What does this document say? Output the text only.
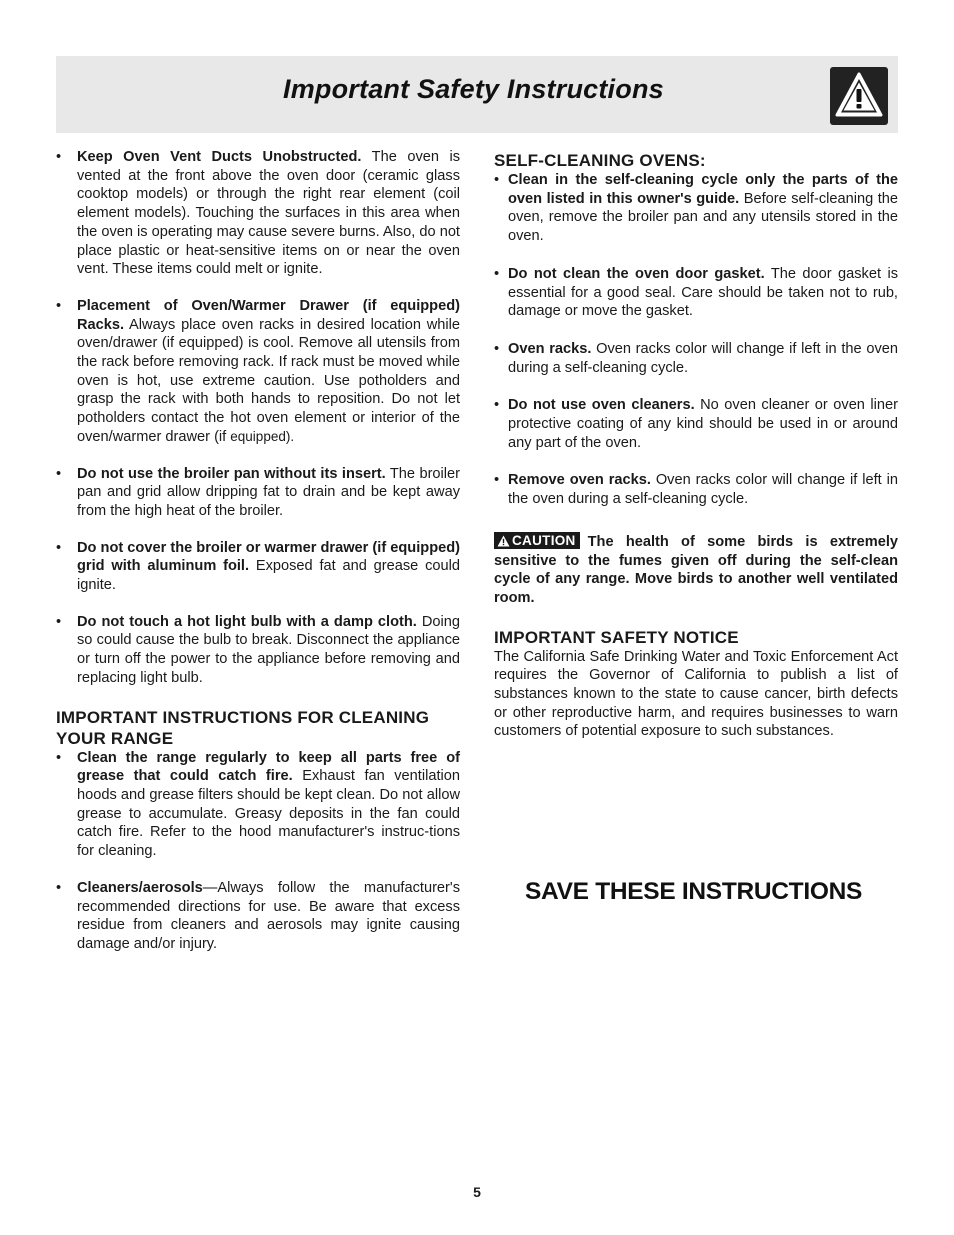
Important Safety Instructions
• Keep Oven Vent Ducts Unobstructed. The oven is vented at the front above the oven door (ceramic glass cooktop models) or through the right rear element (coil element models). Touching the surfaces in this area when the oven is operating may cause severe burns. Also, do not place plastic or heat-sensitive items on or near the oven vent. These items could melt or ignite.
• Placement of Oven/Warmer Drawer (if equipped) Racks. Always place oven racks in desired location while oven/drawer (if equipped) is cool. Remove all utensils from the rack before removing rack. If rack must be moved while oven is hot, use extreme caution. Use potholders and grasp the rack with both hands to reposition. Do not let potholders contact the hot oven element or interior of the oven/warmer drawer (if equipped).
• Do not use the broiler pan without its insert. The broiler pan and grid allow dripping fat to drain and be kept away from the high heat of the broiler.
• Do not cover the broiler or warmer drawer (if equipped) grid with aluminum foil. Exposed fat and grease could ignite.
• Do not touch a hot light bulb with a damp cloth. Doing so could cause the bulb to break. Disconnect the appliance or turn off the power to the appliance before removing and replacing light bulb.
IMPORTANT INSTRUCTIONS FOR CLEANING YOUR RANGE
• Clean the range regularly to keep all parts free of grease that could catch fire. Exhaust fan ventilation hoods and grease filters should be kept clean. Do not allow grease to accumulate. Greasy deposits in the fan could catch fire. Refer to the hood manufacturer's instruc-tions for cleaning.
• Cleaners/aerosols—Always follow the manufacturer's recommended directions for use. Be aware that excess residue from cleaners and aerosols may ignite causing damage and/or injury.
SELF-CLEANING OVENS:
• Clean in the self-cleaning cycle only the parts of the oven listed in this owner's guide. Before self-cleaning the oven, remove the broiler pan and any utensils stored in the oven.
• Do not clean the oven door gasket. The door gasket is essential for a good seal. Care should be taken not to rub, damage or move the gasket.
• Oven racks. Oven racks color will change if left in the oven during a self-cleaning cycle.
• Do not use oven cleaners. No oven cleaner or oven liner protective coating of any kind should be used in or around any part of the oven.
• Remove oven racks. Oven racks color will change if left in the oven during a self-cleaning cycle.
CAUTION The health of some birds is extremely sensitive to the fumes given off during the self-clean cycle of any range. Move birds to another well ventilated room.
IMPORTANT SAFETY NOTICE
The California Safe Drinking Water and Toxic Enforcement Act requires the Governor of California to publish a list of substances known to the state to cause cancer, birth defects or other reproductive harm, and requires businesses to warn customers of potential exposure to such substances.
SAVE THESE INSTRUCTIONS
5
